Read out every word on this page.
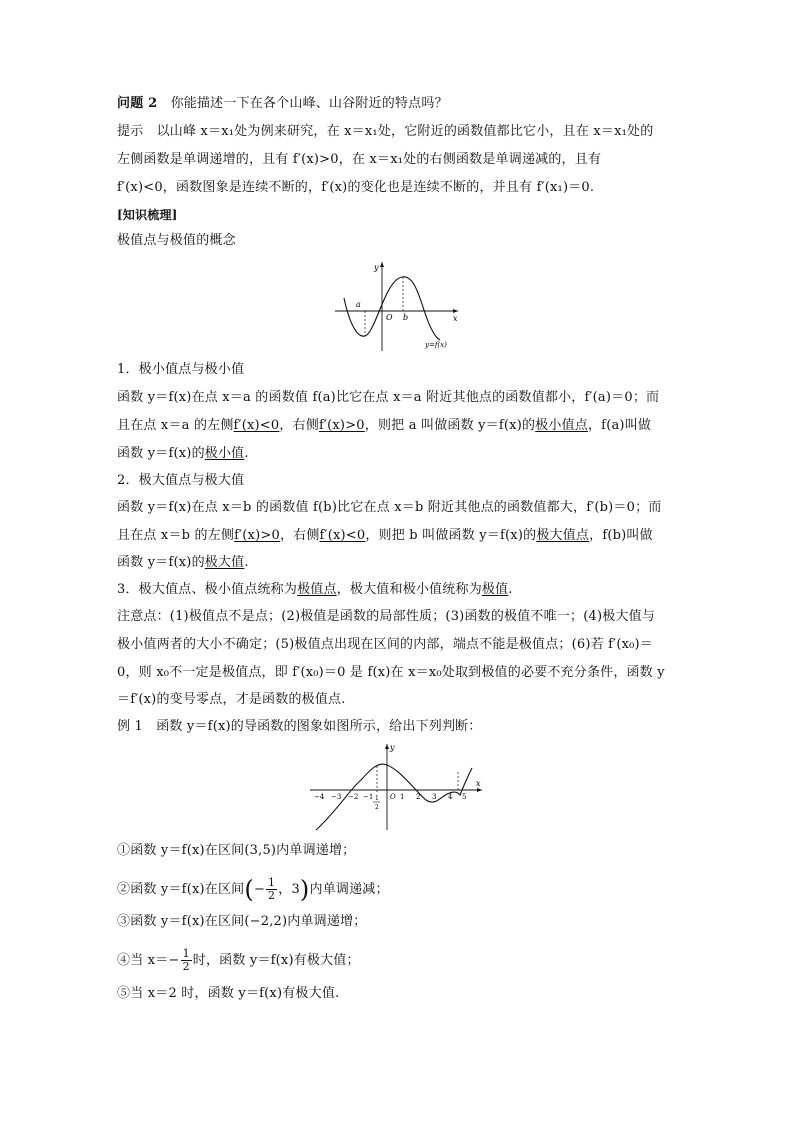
问题 2　 你能描述一下在各个山峰、山谷附近的特点吗？
提示　以山峰 x＝x₁处为例来研究，在 x＝x₁处，它附近的函数值都比它小，且在 x＝x₁处的
左侧函数是单调递增的，且有 f′(x)>0，在 x＝x₁处的右侧函数是单调递减的，且有
f′(x)<0，函数图象是连续不断的，f′(x)的变化也是连续不断的，并且有 f′(x₁)＝0.
[知识梳理]
极值点与极值的概念
y
x
O
a
b
y=f(x)
1．极小值点与极小值
函数 y＝f(x)在点 x＝a 的函数值 f(a)比它在点 x＝a 附近其他点的函数值都小，f′(a)＝0；而
且在点 x＝a 的左侧f′(x)<0，右侧f′(x)>0，则把 a 叫做函数 y＝f(x)的极小值点，f(a)叫做
函数 y＝f(x)的极小值.
2．极大值点与极大值
函数 y＝f(x)在点 x＝b 的函数值 f(b)比它在点 x＝b 附近其他点的函数值都大，f′(b)＝0；而
且在点 x＝b 的左侧f′(x)>0，右侧f′(x)<0，则把 b 叫做函数 y＝f(x)的极大值点，f(b)叫做
函数 y＝f(x)的极大值.
3．极大值点、极小值点统称为极值点，极大值和极小值统称为极值.
注意点：(1)极值点不是点；(2)极值是函数的局部性质；(3)函数的极值不唯一；(4)极大值与
极小值两者的大小不确定；(5)极值点出现在区间的内部，端点不能是极值点；(6)若 f′(x₀)＝
0，则 x₀不一定是极值点，即 f′(x₀)＝0 是 f(x)在 x＝x₀处取到极值的必要不充分条件，函数 y
＝f′(x)的变号零点，才是函数的极值点.
例 1　函数 y＝f(x)的导函数的图象如图所示，给出下列判断：
y
x
O
−4 −3 −2 −1	1 2 3 4 5
1
2
①函数 y＝f(x)在区间(3,5)内单调递增；
②函数 y＝f(x)在区间(− $\frac{1}{2}$ ，3)内单调递减；
③函数 y＝f(x)在区间(−2,2)内单调递增；
④当 $x=- \frac{1}{2}$ 时，函数 y＝f(x)有极大值；
⑤当 x＝2 时，函数 y＝f(x)有极大值.
